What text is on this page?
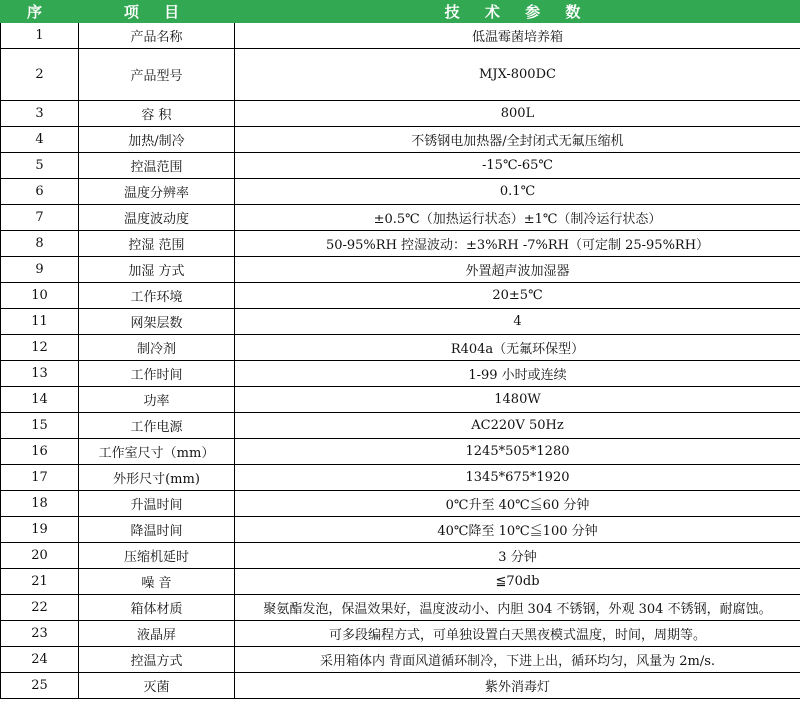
序	项 目	技 术 参 数
1	产品名称	低温霉菌培养箱
2	产品型号	MJX-800DC
3	容 积	800L
4	加热/制冷	不锈钢电加热器/全封闭式无氟压缩机
5	控温范围	-15℃-65℃
6	温度分辨率	0.1℃
7	温度波动度	±0.5℃（加热运行状态）±1℃（制冷运行状态）
8	控湿 范围	50-95%RH 控湿波动：±3%RH -7%RH（可定制 25-95%RH）
9	加湿 方式	外置超声波加湿器
10	工作环境	20±5℃
11	网架层数	4
12	制冷剂	R404a（无氟环保型）
13	工作时间	1-99 小时或连续
14	功率	1480W
15	工作电源	AC220V 50Hz
16	工作室尺寸（mm）	1245*505*1280
17	外形尺寸(mm)	1345*675*1920
18	升温时间	0℃升至 40℃≦60 分钟
19	降温时间	40℃降至 10℃≦100 分钟
20	压缩机延时	3 分钟
21	噪 音	≦70db
22	箱体材质	聚氨酯发泡，保温效果好，温度波动小、内胆 304 不锈钢，外观 304 不锈钢，耐腐蚀。
23	液晶屏	可多段编程方式，可单独设置白天黑夜模式温度，时间，周期等。
24	控温方式	采用箱体内 背面风道循环制冷，下进上出，循环均匀，风量为 2m/s.
25	灭菌	紫外消毒灯
